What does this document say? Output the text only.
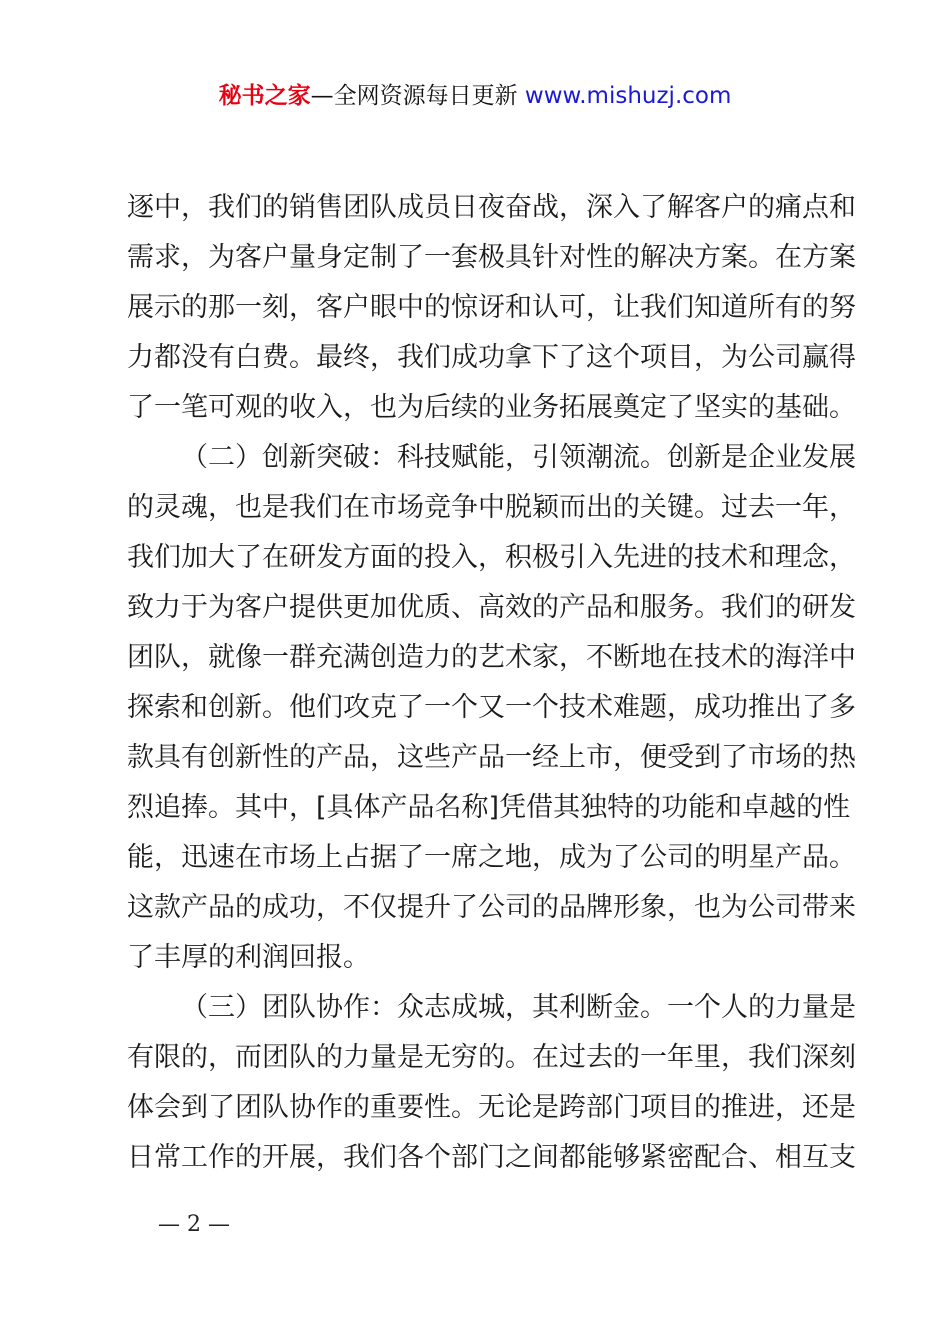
秘书之家—全网资源每日更新 www.mishuzj.com
逐中，我们的销售团队成员日夜奋战，深入了解客户的痛点和
需求，为客户量身定制了一套极具针对性的解决方案。在方案
展示的那一刻，客户眼中的惊讶和认可，让我们知道所有的努
力都没有白费。最终，我们成功拿下了这个项目，为公司赢得
了一笔可观的收入，也为后续的业务拓展奠定了坚实的基础。
（二）创新突破：科技赋能，引领潮流。创新是企业发展
的灵魂，也是我们在市场竞争中脱颖而出的关键。过去一年，
我们加大了在研发方面的投入，积极引入先进的技术和理念，
致力于为客户提供更加优质、高效的产品和服务。我们的研发
团队，就像一群充满创造力的艺术家，不断地在技术的海洋中
探索和创新。他们攻克了一个又一个技术难题，成功推出了多
款具有创新性的产品，这些产品一经上市，便受到了市场的热
烈追捧。其中，[具体产品名称]凭借其独特的功能和卓越的性
能，迅速在市场上占据了一席之地，成为了公司的明星产品。
这款产品的成功，不仅提升了公司的品牌形象，也为公司带来
了丰厚的利润回报。
（三）团队协作：众志成城，其利断金。一个人的力量是
有限的，而团队的力量是无穷的。在过去的一年里，我们深刻
体会到了团队协作的重要性。无论是跨部门项目的推进，还是
日常工作的开展，我们各个部门之间都能够紧密配合、相互支
— 2 —
